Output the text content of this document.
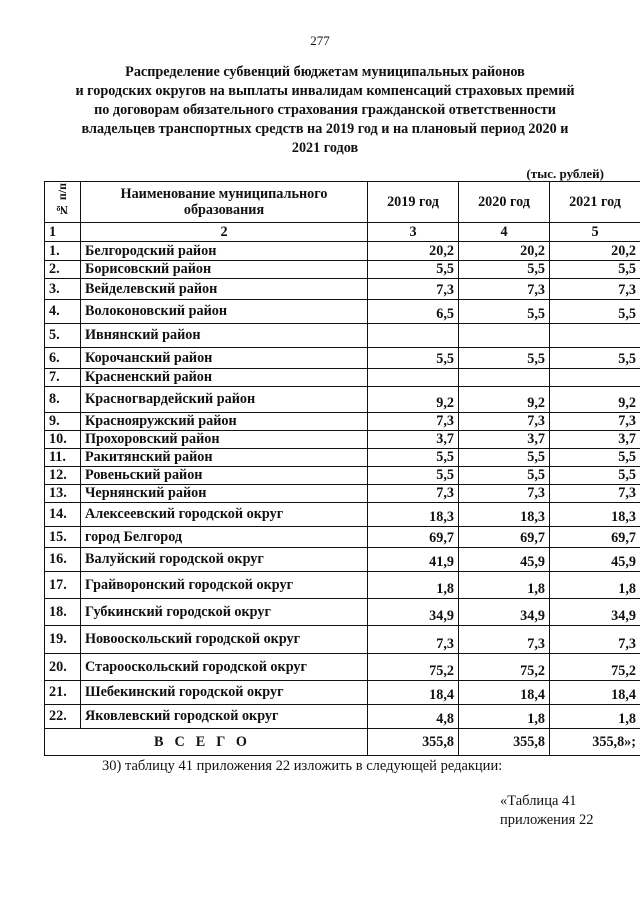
277
Распределение субвенций бюджетам муниципальных районов
и городских округов на выплаты инвалидам компенсаций страховых премий
по договорам обязательного страхования гражданской ответственности
владельцев транспортных средств на 2019 год и на плановый период 2020 и
2021 годов
(тыс. рублей)
№ п/п	Наименование муниципального образования	2019 год	2020 год	2021 год
1	2	3	4	5
1.	Белгородский район	20,2	20,2	20,2
2.	Борисовский район	5,5	5,5	5,5
3.	Вейделевский район	7,3	7,3	7,3
4.	Волоконовский район	6,5	5,5	5,5
5.	Ивнянский район			
6.	Корочанский район	5,5	5,5	5,5
7.	Красненский район			
8.	Красногвардейский район	9,2	9,2	9,2
9.	Краснояружский район	7,3	7,3	7,3
10.	Прохоровский район	3,7	3,7	3,7
11.	Ракитянский район	5,5	5,5	5,5
12.	Ровеньский район	5,5	5,5	5,5
13.	Чернянский район	7,3	7,3	7,3
14.	Алексеевский городской округ	18,3	18,3	18,3
15.	город Белгород	69,7	69,7	69,7
16.	Валуйский городской округ	41,9	45,9	45,9
17.	Грайворонский городской округ	1,8	1,8	1,8
18.	Губкинский городской округ	34,9	34,9	34,9
19.	Новооскольский городской округ	7,3	7,3	7,3
20.	Старооскольский городской округ	75,2	75,2	75,2
21.	Шебекинский городской округ	18,4	18,4	18,4
22.	Яковлевский городской округ	4,8	1,8	1,8
ВСЕГО		355,8	355,8	355,8»;
30) таблицу 41 приложения 22 изложить в следующей редакции:
«Таблица 41
приложения 22
